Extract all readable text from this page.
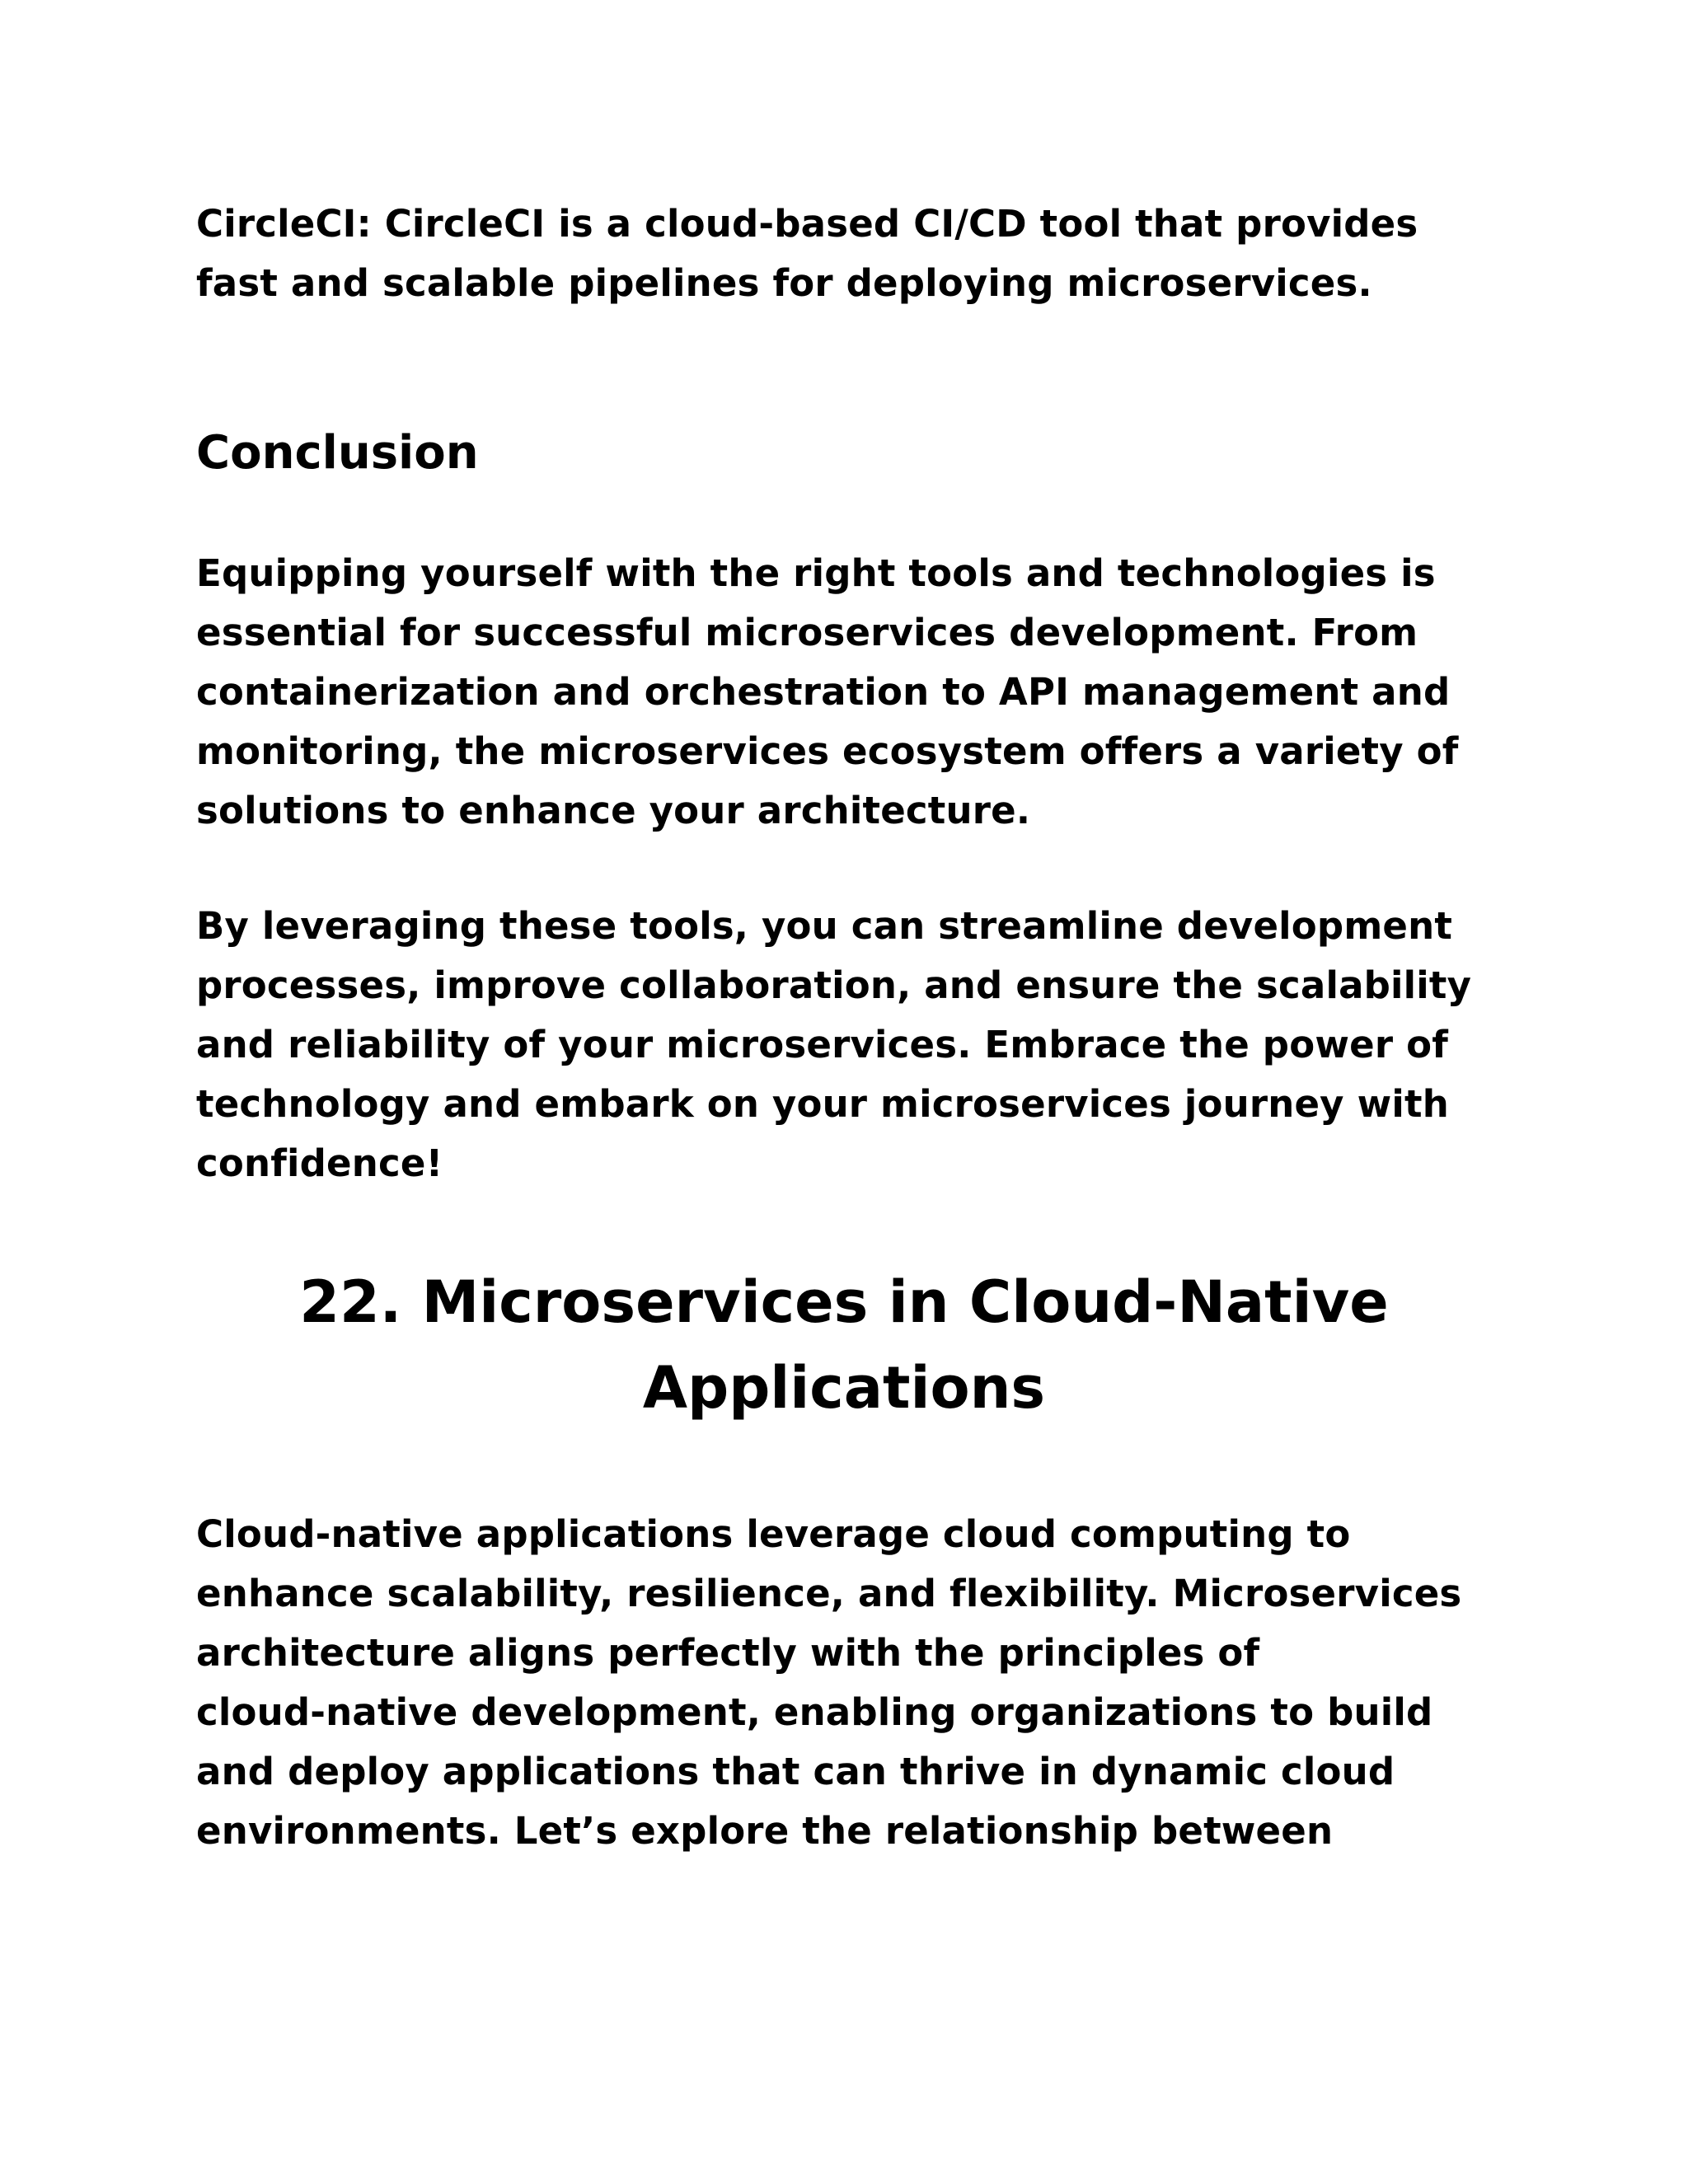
CircleCI: CircleCI is a cloud-based CI/CD tool that provides
fast and scalable pipelines for deploying microservices.

Conclusion

Equipping yourself with the right tools and technologies is
essential for successful microservices development. From
containerization and orchestration to API management and
monitoring, the microservices ecosystem offers a variety of
solutions to enhance your architecture.

By leveraging these tools, you can streamline development
processes, improve collaboration, and ensure the scalability
and reliability of your microservices. Embrace the power of
technology and embark on your microservices journey with
confidence!

22. Microservices in Cloud-Native
Applications

Cloud-native applications leverage cloud computing to
enhance scalability, resilience, and flexibility. Microservices
architecture aligns perfectly with the principles of
cloud-native development, enabling organizations to build
and deploy applications that can thrive in dynamic cloud
environments. Let’s explore the relationship between
